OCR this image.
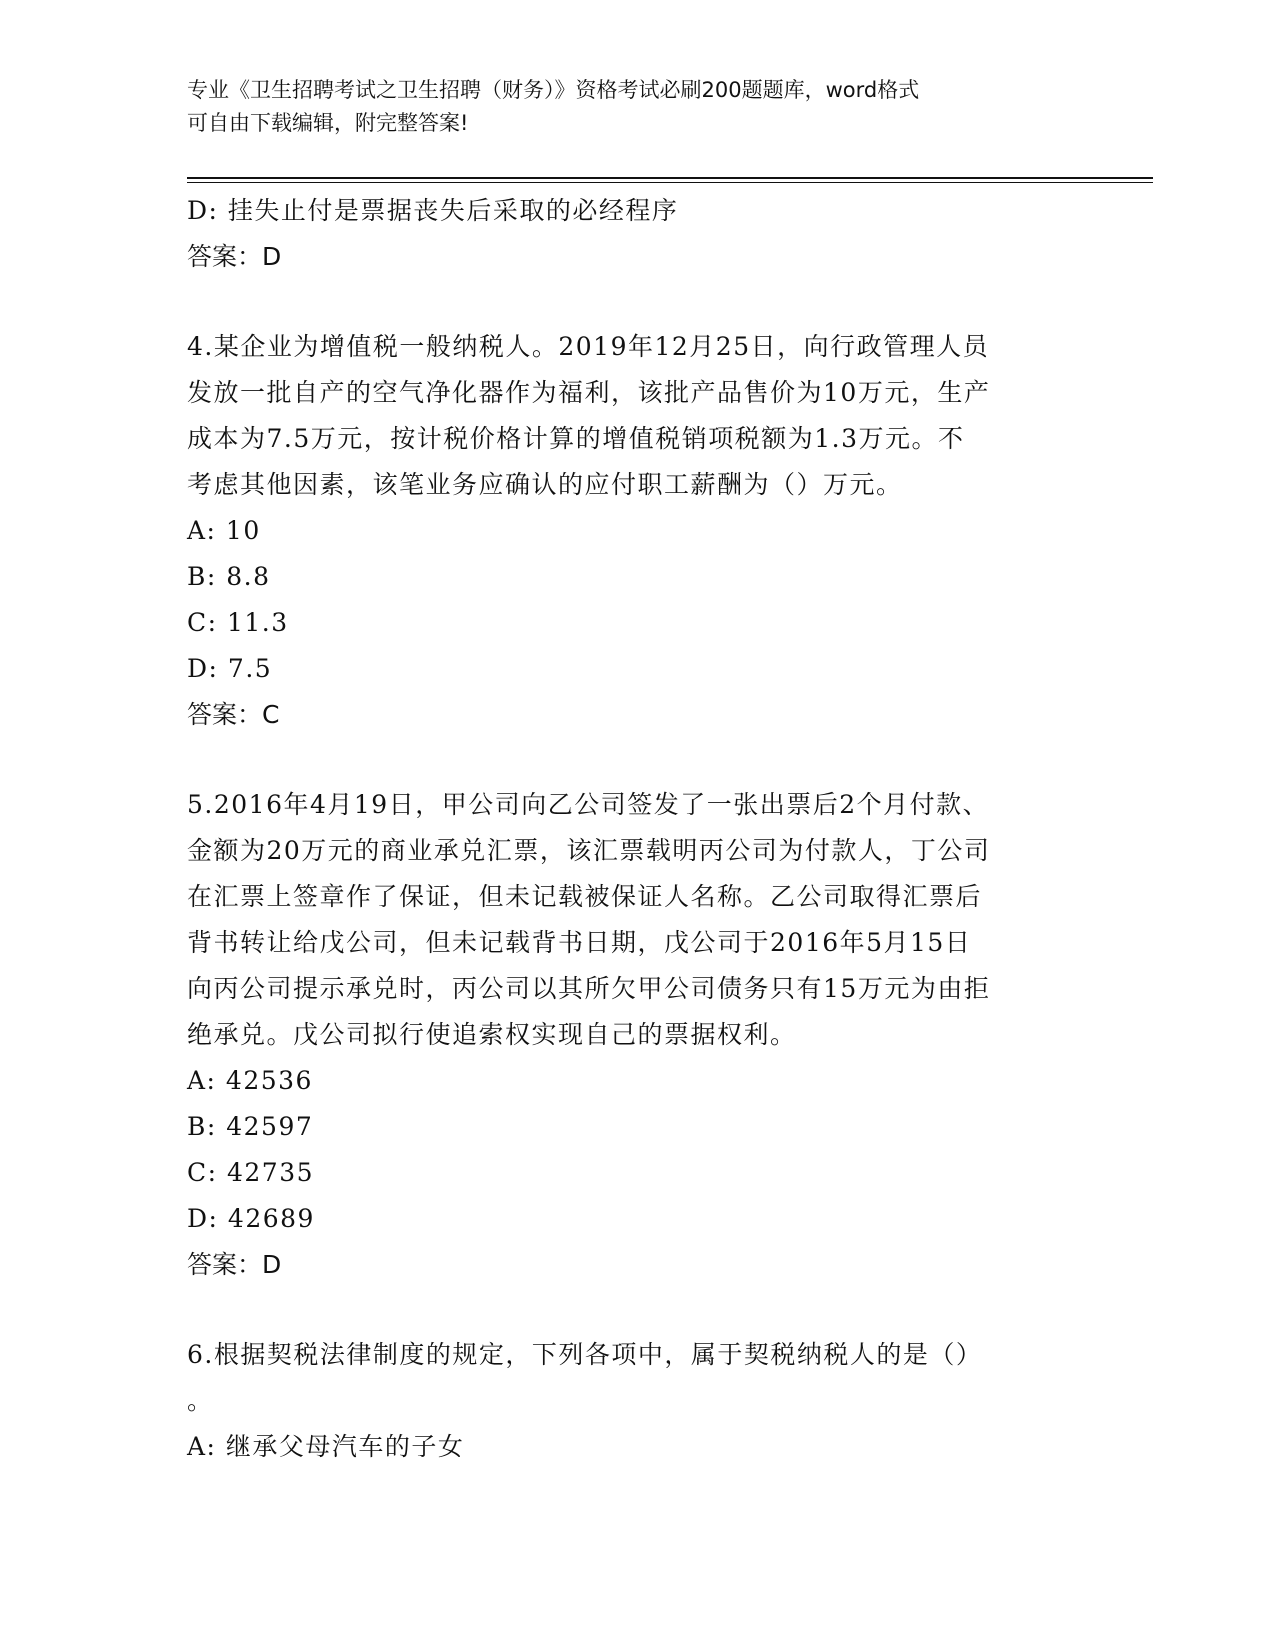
专业《卫生招聘考试之卫生招聘（财务）》资格考试必刷200题题库，word格式
可自由下载编辑，附完整答案!
D: 挂失止付是票据丧失后采取的必经程序
答案：D
4.某企业为增值税一般纳税人。2019年12月25日，向行政管理人员
发放一批自产的空气净化器作为福利，该批产品售价为10万元，生产
成本为7.5万元，按计税价格计算的增值税销项税额为1.3万元。不
考虑其他因素，该笔业务应确认的应付职工薪酬为（）万元。
A: 10
B: 8.8
C: 11.3
D: 7.5
答案：C
5.2016年4月19日，甲公司向乙公司签发了一张出票后2个月付款、
金额为20万元的商业承兑汇票，该汇票载明丙公司为付款人，丁公司
在汇票上签章作了保证，但未记载被保证人名称。乙公司取得汇票后
背书转让给戊公司，但未记载背书日期，戊公司于2016年5月15日
向丙公司提示承兑时，丙公司以其所欠甲公司债务只有15万元为由拒
绝承兑。戊公司拟行使追索权实现自己的票据权利。
A: 42536
B: 42597
C: 42735
D: 42689
答案：D
6.根据契税法律制度的规定，下列各项中，属于契税纳税人的是（）
。
A: 继承父母汽车的子女
